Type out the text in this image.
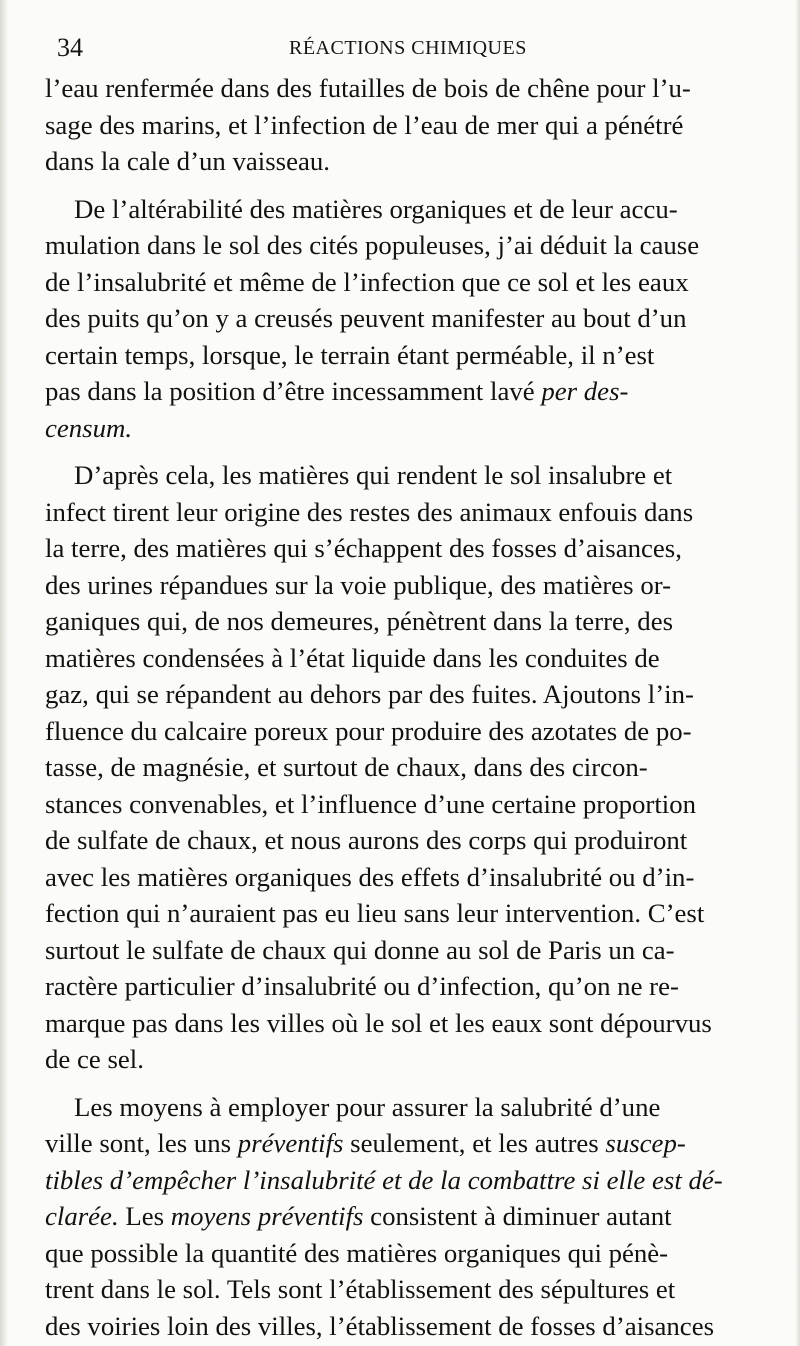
34	RÉACTIONS CHIMIQUES
l’eau renfermée dans des futailles de bois de chêne pour l’u-
sage des marins, et l’infection de l’eau de mer qui a pénétré
dans la cale d’un vaisseau.
De l’altérabilité des matières organiques et de leur accu-
mulation dans le sol des cités populeuses, j’ai déduit la cause
de l’insalubrité et même de l’infection que ce sol et les eaux
des puits qu’on y a creusés peuvent manifester au bout d’un
certain temps, lorsque, le terrain étant perméable, il n’est
pas dans la position d’être incessamment lavé per des-
censum.
D’après cela, les matières qui rendent le sol insalubre et
infect tirent leur origine des restes des animaux enfouis dans
la terre, des matières qui s’échappent des fosses d’aisances,
des urines répandues sur la voie publique, des matières or-
ganiques qui, de nos demeures, pénètrent dans la terre, des
matières condensées à l’état liquide dans les conduites de
gaz, qui se répandent au dehors par des fuites. Ajoutons l’in-
fluence du calcaire poreux pour produire des azotates de po-
tasse, de magnésie, et surtout de chaux, dans des circon-
stances convenables, et l’influence d’une certaine proportion
de sulfate de chaux, et nous aurons des corps qui produiront
avec les matières organiques des effets d’insalubrité ou d’in-
fection qui n’auraient pas eu lieu sans leur intervention. C’est
surtout le sulfate de chaux qui donne au sol de Paris un ca-
ractère particulier d’insalubrité ou d’infection, qu’on ne re-
marque pas dans les villes où le sol et les eaux sont dépourvus
de ce sel.
Les moyens à employer pour assurer la salubrité d’une
ville sont, les uns préventifs seulement, et les autres suscep-
tibles d’empêcher l’insalubrité et de la combattre si elle est dé-
clarée. Les moyens préventifs consistent à diminuer autant
que possible la quantité des matières organiques qui pénè-
trent dans le sol. Tels sont l’établissement des sépultures et
des voiries loin des villes, l’établissement de fosses d’aisances
